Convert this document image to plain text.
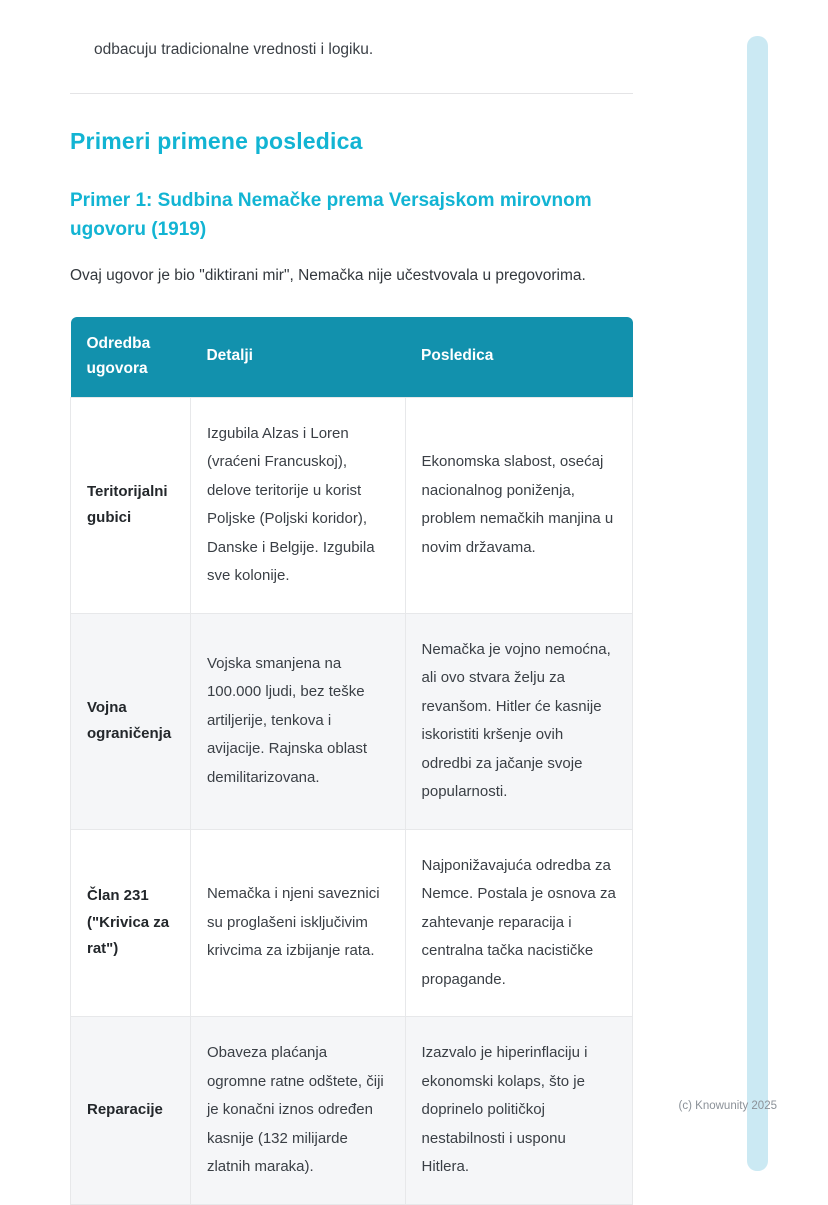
odbacuju tradicionalne vrednosti i logiku.

Primeri primene posledica
Primer 1: Sudbina Nemačke prema Versajskom mirovnom ugovoru (1919)

Ovaj ugovor je bio "diktirani mir", Nemačka nije učestvovala u pregovorima.

Odredba ugovora	Detalji	Posledica
Teritorijalni gubici	Izgubila Alzas i Loren (vraćeni Francuskoj), delove teritorije u korist Poljske (Poljski koridor), Danske i Belgije. Izgubila sve kolonije.	Ekonomska slabost, osećaj nacionalnog poniženja, problem nemačkih manjina u novim državama.
Vojna ograničenja	Vojska smanjena na 100.000 ljudi, bez teške artiljerije, tenkova i avijacije. Rajnska oblast demilitarizovana.	Nemačka je vojno nemoćna, ali ovo stvara želju za revanšom. Hitler će kasnije iskoristiti kršenje ovih odredbi za jačanje svoje popularnosti.
Član 231 ("Krivica za rat")	Nemačka i njeni saveznici su proglašeni isključivim krivcima za izbijanje rata.	Najponižavajuća odredba za Nemce. Postala je osnova za zahtevanje reparacija i centralna tačka nacističke propagande.
Reparacije	Obaveza plaćanja ogromne ratne odštete, čiji je konačni iznos određen kasnije (132 milijarde zlatnih maraka).	Izazvalo je hiperinflaciju i ekonomski kolaps, što je doprinelo političkoj nestabilnosti i usponu Hitlera.
(c) Knowunity 2025
